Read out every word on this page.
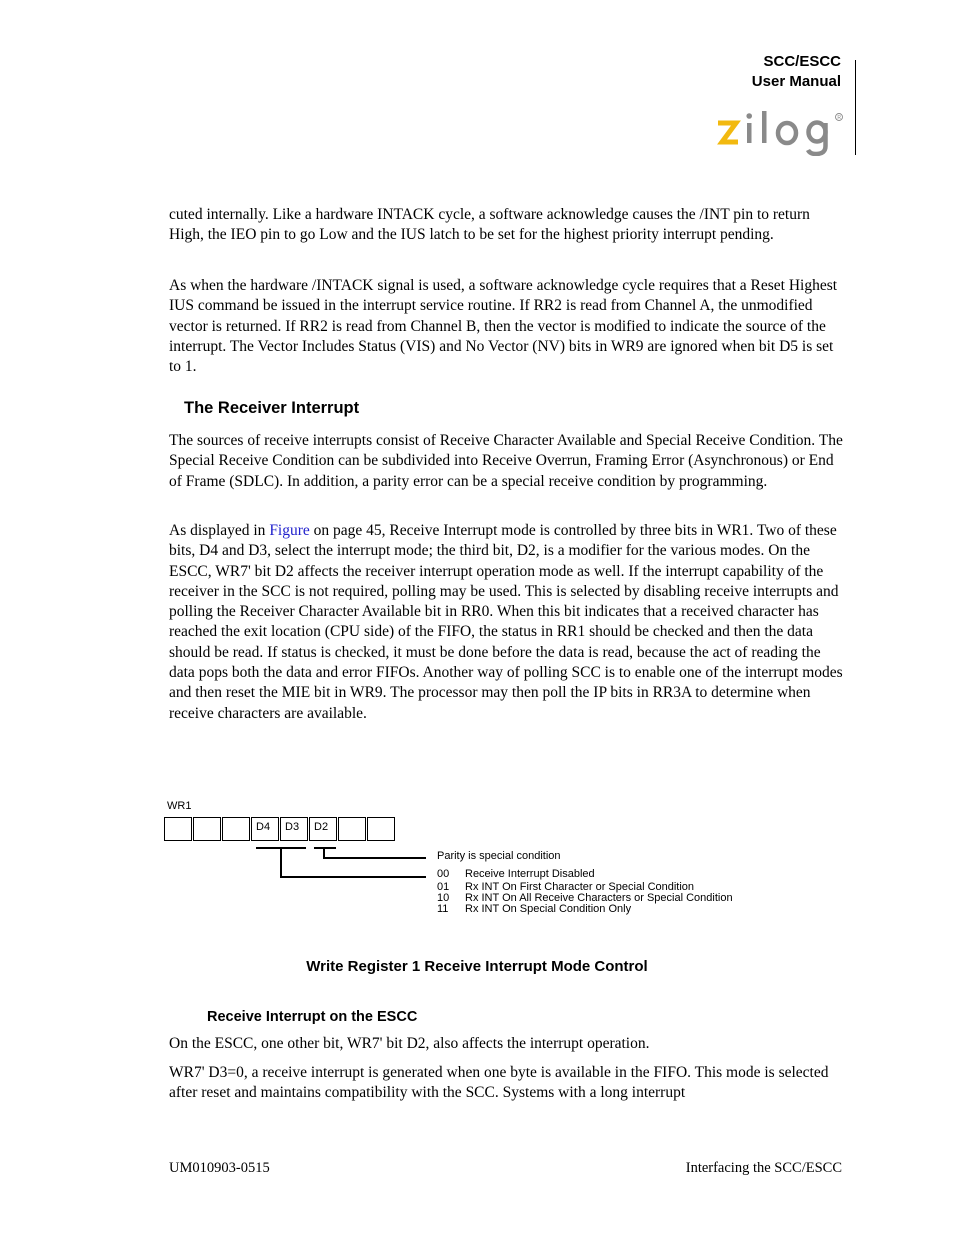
SCC/ESCC
User Manual
R

cuted internally. Like a hardware INTACK cycle, a software acknowledge causes the /INT pin to return High, the IEO pin to go Low and the IUS latch to be set for the highest priority interrupt pending.

As when the hardware /INTACK signal is used, a software acknowledge cycle requires that a Reset Highest IUS command be issued in the interrupt service routine. If RR2 is read from Channel A, the unmodified vector is returned. If RR2 is read from Channel B, then the vector is modified to indicate the source of the interrupt. The Vector Includes Status (VIS) and No Vector (NV) bits in WR9 are ignored when bit D5 is set to 1.

The Receiver Interrupt

The sources of receive interrupts consist of Receive Character Available and Special Receive Condition. The Special Receive Condition can be subdivided into Receive Overrun, Framing Error (Asynchronous) or End of Frame (SDLC). In addition, a parity error can be a special receive condition by programming.

As displayed in Figure on page 45, Receive Interrupt mode is controlled by three bits in WR1. Two of these bits, D4 and D3, select the interrupt mode; the third bit, D2, is a modifier for the various modes. On the ESCC, WR7' bit D2 affects the receiver interrupt operation mode as well. If the interrupt capability of the receiver in the SCC is not required, polling may be used. This is selected by disabling receive interrupts and polling the Receiver Character Available bit in RR0. When this bit indicates that a received character has reached the exit location (CPU side) of the FIFO, the status in RR1 should be checked and then the data should be read. If status is checked, it must be done before the data is read, because the act of reading the data pops both the data and error FIFOs. Another way of polling SCC is to enable one of the interrupt modes and then reset the MIE bit in WR9. The processor may then poll the IP bits in RR3A to determine when receive characters are available.

WR1
D4	D3	D2
Parity is special condition
00 Receive Interrupt Disabled
01 Rx INT On First Character or Special Condition
10 Rx INT On All Receive Characters or Special Condition
11 Rx INT On Special Condition Only

Write Register 1 Receive Interrupt Mode Control

Receive Interrupt on the ESCC

On the ESCC, one other bit, WR7' bit D2, also affects the interrupt operation.

WR7' D3=0, a receive interrupt is generated when one byte is available in the FIFO. This mode is selected after reset and maintains compatibility with the SCC. Systems with a long interrupt

UM010903-0515	Interfacing the SCC/ESCC
